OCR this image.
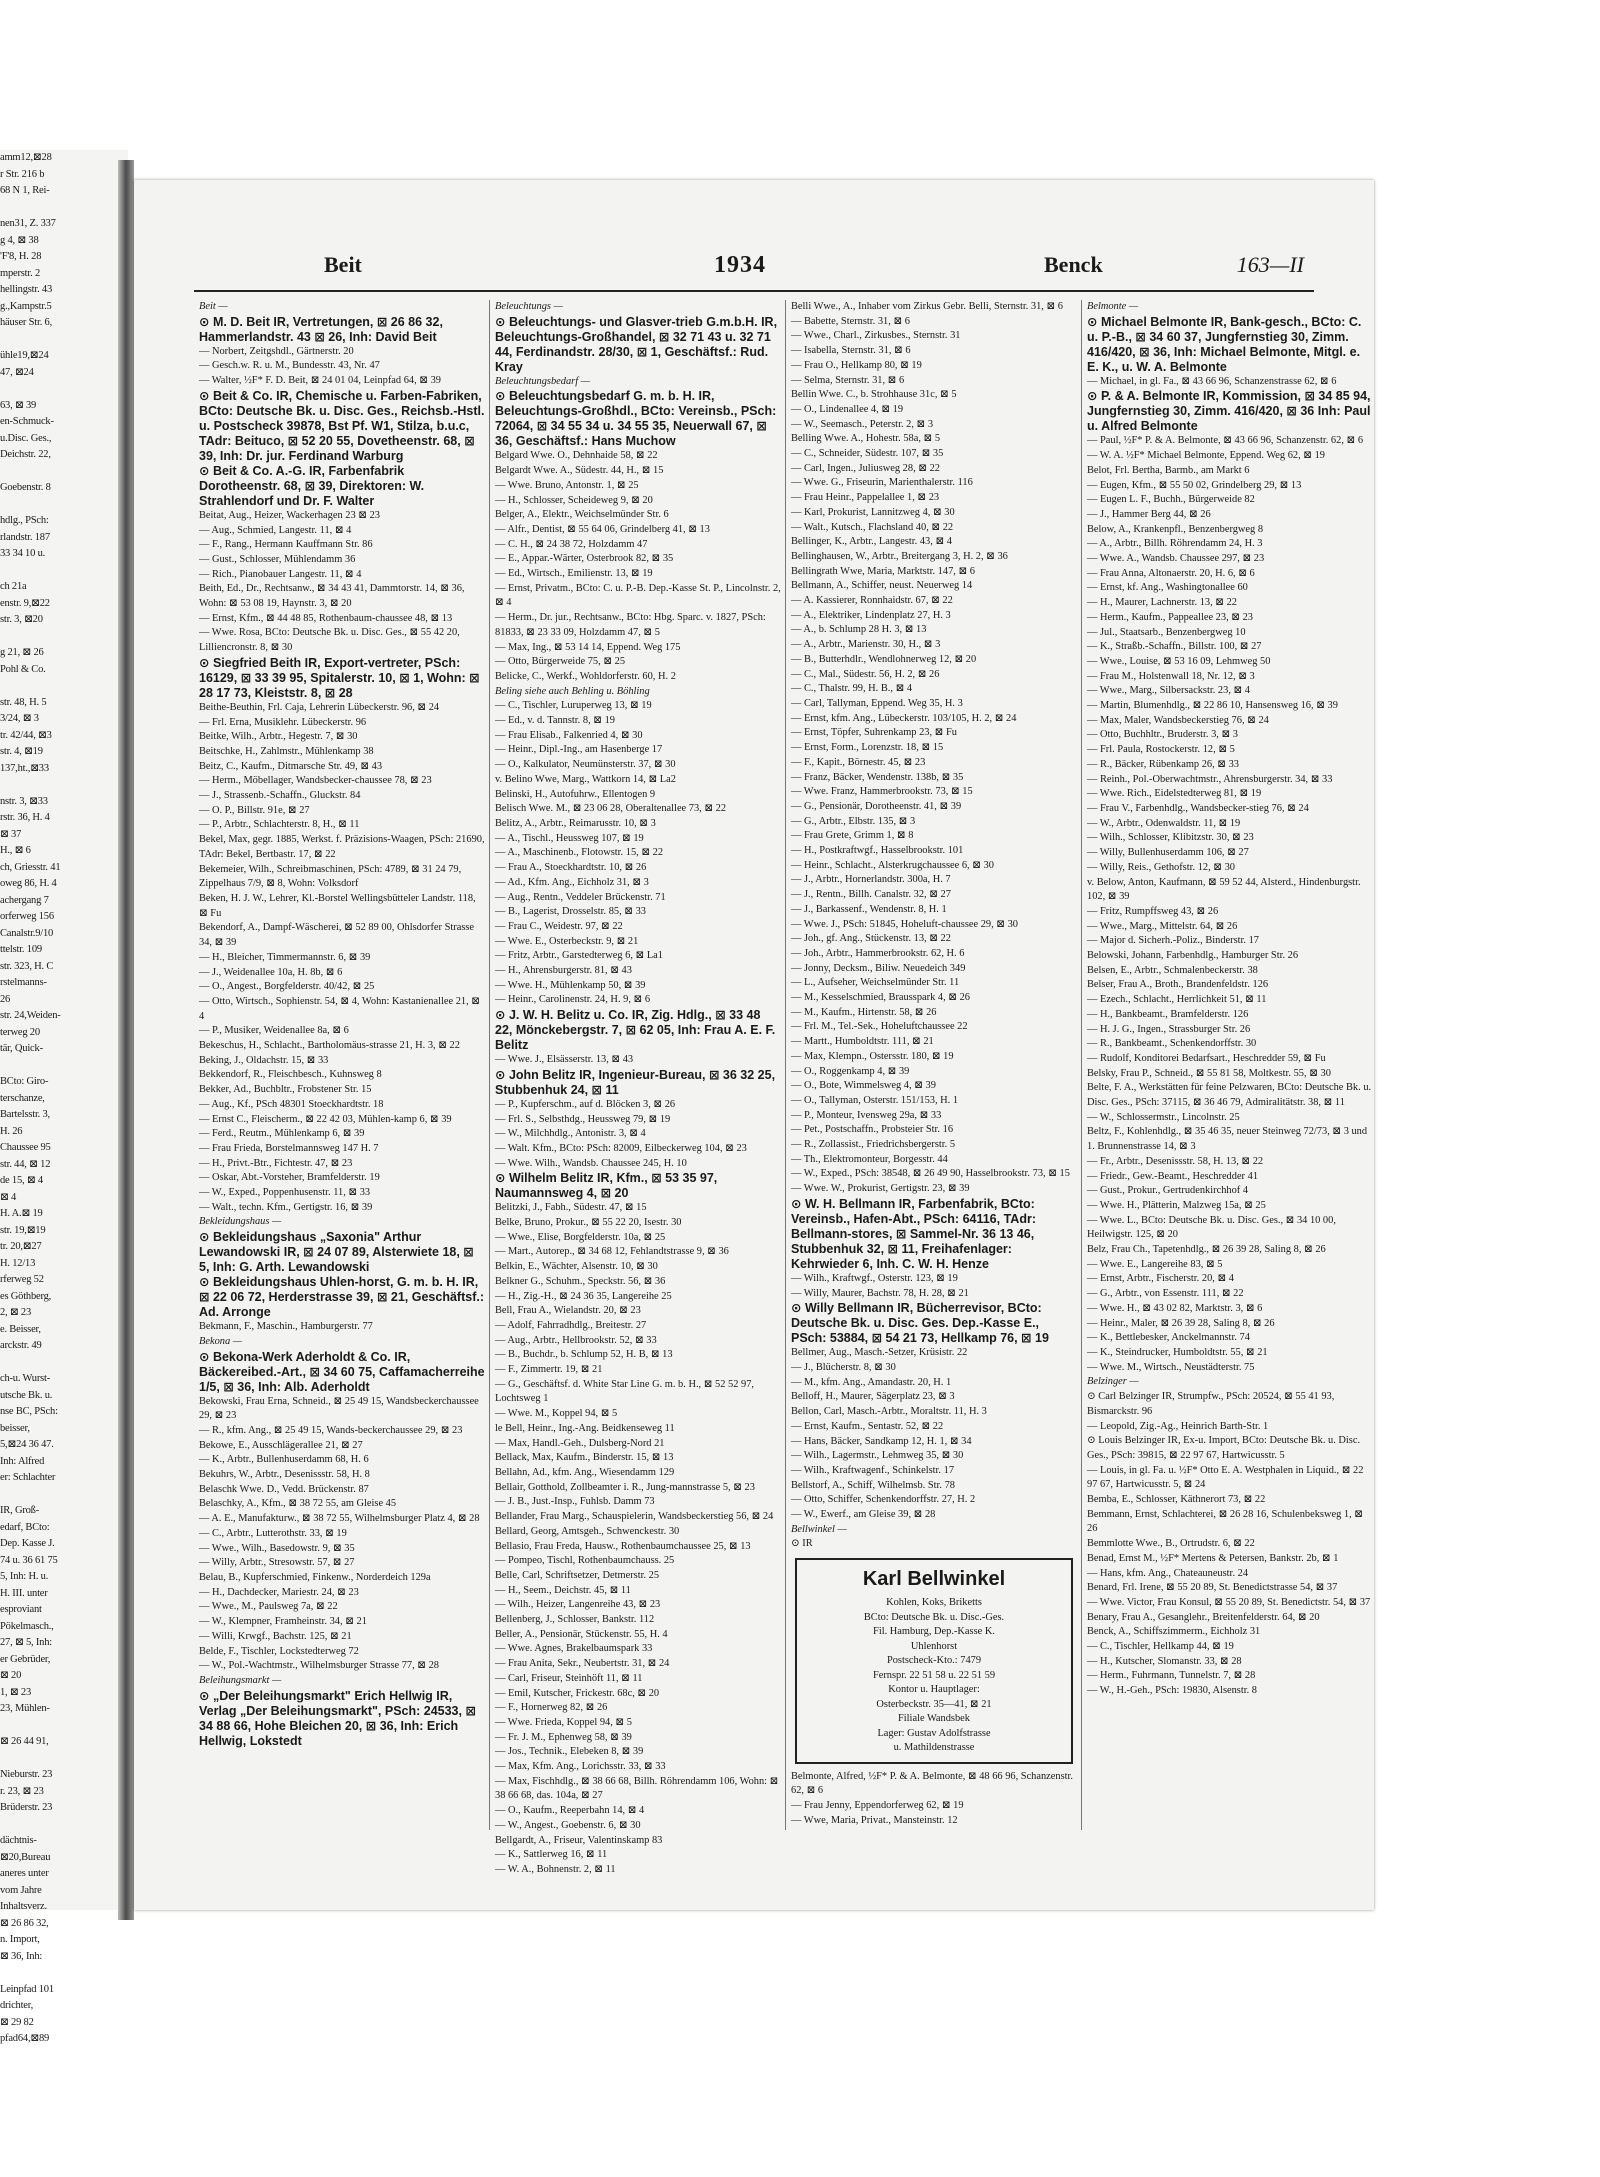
amm12,⊠28
r Str. 216 b
68 N 1, Rei-

nen31, Z. 337
g 4, ⊠ 38
'F'8, H. 28
mperstr. 2
hellingstr. 43
g.,Kampstr.5
häuser Str. 6,

ühle19,⊠24
47, ⊠24

63, ⊠ 39
en-Schmuck-
u.Disc. Ges.,
Deichstr. 22,

Goebenstr. 8

hdlg., PSch:
rlandstr. 187
33 34 10 u.

ch 21a
enstr. 9,⊠22
str. 3, ⊠20

g 21, ⊠ 26
Pohl & Co.

str. 48, H. 5
3/24, ⊠ 3
tr. 42/44, ⊠3
str. 4, ⊠19
137,ht.,⊠33

nstr. 3, ⊠33
rstr. 36, H. 4
⊠ 37
H., ⊠ 6
ch, Griesstr. 41
oweg 86, H. 4
achergang 7
orferweg 156
Canalstr.9/10
ttelstr. 109
str. 323, H. C
rstelmanns-
26
str. 24,Weiden-
terweg 20
tär, Quick-

BCto: Giro-
terschanze,
Bartelsstr. 3,
H. 26
Chaussee 95
str. 44, ⊠ 12
de 15, ⊠ 4
⊠ 4
H. A.⊠ 19
str. 19,⊠19
tr. 20,⊠27
H. 12/13
rferweg 52
es Göthberg,
2, ⊠ 23
e. Beisser,
arckstr. 49

ch-u. Wurst-
utsche Bk. u.
nse BC, PSch:
beisser,
5,⊠24 36 47.
Inh: Alfred
er: Schlachter

IR, Groß-
edarf, BCto:
Dep. Kasse J.
74 u. 36 61 75
5, Inh: H. u.
H. III. unter
esproviant
Pökelmasch.,
27, ⊠ 5, Inh:
er Gebrüder,
⊠ 20
1, ⊠ 23
23, Mühlen-

⊠ 26 44 91,

Nieburstr. 23
r. 23, ⊠ 23
Brüderstr. 23

dächtnis-
⊠20,Bureau
aneres unter
vom Jahre
Inhaltsverz.
⊠ 26 86 32,
n. Import,
⊠ 36, Inh:

Leinpfad 101
drichter,
⊠ 29 82
pfad64,⊠89
Beit	1934	Benck	163—II
Beit —
⊙ M. D. Beit IR, Vertretungen, ⊠ 26 86 32, Hammerlandstr. 43 ⊠ 26, Inh: David Beit
— Norbert, Zeitgshdl., Gärtnerstr. 20
— Gesch.w. R. u. M., Bundesstr. 43, Nr. 47
— Walter, ½F* F. D. Beit, ⊠ 24 01 04, Leinpfad 64, ⊠ 39
⊙ Beit & Co. IR, Chemische u. Farben-Fabriken, BCto: Deutsche Bk. u. Disc. Ges., Reichsb.-Hstl. u. Postscheck 39878, Bst Pf. W1, Stilza, b.u.c, TAdr: Beituco, ⊠ 52 20 55, Dovetheenstr. 68, ⊠ 39, Inh: Dr. jur. Ferdinand Warburg
⊙ Beit & Co. A.-G. IR, Farbenfabrik Dorotheenstr. 68, ⊠ 39, Direktoren: W. Strahlendorf und Dr. F. Walter
Beitat, Aug., Heizer, Wackerhagen 23 ⊠ 23
— Aug., Schmied, Langestr. 11, ⊠ 4
— F., Rang., Hermann Kauffmann Str. 86
— Gust., Schlosser, Mühlendamm 36
— Rich., Pianobauer Langestr. 11, ⊠ 4
Beith, Ed., Dr., Rechtsanw., ⊠ 34 43 41, Dammtorstr. 14, ⊠ 36, Wohn: ⊠ 53 08 19, Haynstr. 3, ⊠ 20
— Ernst, Kfm., ⊠ 44 48 85, Rothenbaum-chaussee 48, ⊠ 13
— Wwe. Rosa, BCto: Deutsche Bk. u. Disc. Ges., ⊠ 55 42 20, Lilliencronstr. 8, ⊠ 30
⊙ Siegfried Beith IR, Export-vertreter, PSch: 16129, ⊠ 33 39 95, Spitalerstr. 10, ⊠ 1, Wohn: ⊠ 28 17 73, Kleiststr. 8, ⊠ 28
Beithe-Beuthin, Frl. Caja, Lehrerin Lübeckerstr. 96, ⊠ 24
— Frl. Erna, Musiklehr. Lübeckerstr. 96
Beitke, Wilh., Arbtr., Hegestr. 7, ⊠ 30
Beitschke, H., Zahlmstr., Mühlenkamp 38
Beitz, C., Kaufm., Ditmarsche Str. 49, ⊠ 43
— Herm., Möbellager, Wandsbecker-chaussee 78, ⊠ 23
— J., Strassenb.-Schaffn., Gluckstr. 84
— O. P., Billstr. 91e, ⊠ 27
— P., Arbtr., Schlachterstr. 8, H., ⊠ 11
Bekel, Max, gegr. 1885, Werkst. f. Präzisions-Waagen, PSch: 21690, TAdr: Bekel, Bertbastr. 17, ⊠ 22
Bekemeier, Wilh., Schreibmaschinen, PSch: 4789, ⊠ 31 24 79, Zippelhaus 7/9, ⊠ 8, Wohn: Volksdorf
Beken, H. J. W., Lehrer, Kl.-Borstel Wellingsbütteler Landstr. 118, ⊠ Fu
Bekendorf, A., Dampf-Wäscherei, ⊠ 52 89 00, Ohlsdorfer Strasse 34, ⊠ 39
— H., Bleicher, Timmermannstr. 6, ⊠ 39
— J., Weidenallee 10a, H. 8b, ⊠ 6
— O., Angest., Borgfelderstr. 40/42, ⊠ 25
— Otto, Wirtsch., Sophienstr. 54, ⊠ 4, Wohn: Kastanienallee 21, ⊠ 4
— P., Musiker, Weidenallee 8a, ⊠ 6
Bekeschus, H., Schlacht., Bartholomäus-strasse 21, H. 3, ⊠ 22
Beking, J., Oldachstr. 15, ⊠ 33
Bekkendorf, R., Fleischbesch., Kuhnsweg 8
Bekker, Ad., Buchbltr., Frobstener Str. 15
— Aug., Kf., PSch 48301 Stoeckhardtstr. 18
— Ernst C., Fleischerm., ⊠ 22 42 03, Mühlen-kamp 6, ⊠ 39
— Ferd., Reutm., Mühlenkamp 6, ⊠ 39
— Frau Frieda, Borstelmannsweg 147 H. 7
— H., Privt.-Btr., Fichtestr. 47, ⊠ 23
— Oskar, Abt.-Vorsteher, Bramfelderstr. 19
— W., Exped., Poppenhusenstr. 11, ⊠ 33
— Walt., techn. Kfm., Gertigstr. 16, ⊠ 39
Bekleidungshaus —
⊙ Bekleidungshaus „Saxonia" Arthur Lewandowski IR, ⊠ 24 07 89, Alsterwiete 18, ⊠ 5, Inh: G. Arth. Lewandowski
⊙ Bekleidungshaus Uhlen-horst, G. m. b. H. IR, ⊠ 22 06 72, Herderstrasse 39, ⊠ 21, Geschäftsf.: Ad. Arronge
Bekmann, F., Maschin., Hamburgerstr. 77
Bekona —
⊙ Bekona-Werk Aderholdt & Co. IR, Bäckereibed.-Art., ⊠ 34 60 75, Caffamacherreihe 1/5, ⊠ 36, Inh: Alb. Aderholdt
Bekowski, Frau Erna, Schneid., ⊠ 25 49 15, Wandsbeckerchaussee 29, ⊠ 23
— R., kfm. Ang., ⊠ 25 49 15, Wands-beckerchaussee 29, ⊠ 23
Bekowe, E., Ausschlägerallee 21, ⊠ 27
— K., Arbtr., Bullenhuserdamm 68, H. 6
Bekuhrs, W., Arbtr., Desenissstr. 58, H. 8
Belaschk Wwe. D., Vedd. Brückenstr. 87
Belaschky, A., Kfm., ⊠ 38 72 55, am Gleise 45
— A. E., Manufakturw., ⊠ 38 72 55, Wilhelmsburger Platz 4, ⊠ 28
— C., Arbtr., Lutterothstr. 33, ⊠ 19
— Wwe., Wilh., Basedowstr. 9, ⊠ 35
— Willy, Arbtr., Stresowstr. 57, ⊠ 27
Belau, B., Kupferschmied, Finkenw., Norderdeich 129a
— H., Dachdecker, Mariestr. 24, ⊠ 23
— Wwe., M., Paulsweg 7a, ⊠ 22
— W., Klempner, Framheinstr. 34, ⊠ 21
— Willi, Krwgf., Bachstr. 125, ⊠ 21
Belde, F., Tischler, Lockstedterweg 72
— W., Pol.-Wachtmstr., Wilhelmsburger Strasse 77, ⊠ 28
Beleihungsmarkt —
⊙ „Der Beleihungsmarkt" Erich Hellwig IR, Verlag „Der Beleihungsmarkt", PSch: 24533, ⊠ 34 88 66, Hohe Bleichen 20, ⊠ 36, Inh: Erich Hellwig, Lokstedt
Beleuchtungs —
⊙ Beleuchtungs- und Glasver-trieb G.m.b.H. IR, Beleuchtungs-Großhandel, ⊠ 32 71 43 u. 32 71 44, Ferdinandstr. 28/30, ⊠ 1, Geschäftsf.: Rud. Kray
Beleuchtungsbedarf —
⊙ Beleuchtungsbedarf G. m. b. H. IR, Beleuchtungs-Großhdl., BCto: Vereinsb., PSch: 72064, ⊠ 34 55 34 u. 34 55 35, Neuerwall 67, ⊠ 36, Geschäftsf.: Hans Muchow
Belgard Wwe. O., Dehnhaide 58, ⊠ 22
Belgardt Wwe. A., Südestr. 44, H., ⊠ 15
— Wwe. Bruno, Antonstr. 1, ⊠ 25
— H., Schlosser, Scheideweg 9, ⊠ 20
Belger, A., Elektr., Weichselmünder Str. 6
— Alfr., Dentist, ⊠ 55 64 06, Grindelberg 41, ⊠ 13
— C. H., ⊠ 24 38 72, Holzdamm 47
— E., Appar.-Wärter, Osterbrook 82, ⊠ 35
— Ed., Wirtsch., Emilienstr. 13, ⊠ 19
— Ernst, Privatm., BCto: C. u. P.-B. Dep.-Kasse St. P., Lincolnstr. 2, ⊠ 4
— Herm., Dr. jur., Rechtsanw., BCto: Hbg. Sparc. v. 1827, PSch: 81833, ⊠ 23 33 09, Holzdamm 47, ⊠ 5
— Max, Ing., ⊠ 53 14 14, Eppend. Weg 175
— Otto, Bürgerweide 75, ⊠ 25
Belicke, C., Werkf., Wohldorferstr. 60, H. 2
Beling siehe auch Behling u. Böhling
— C., Tischler, Luruperweg 13, ⊠ 19
— Ed., v. d. Tannstr. 8, ⊠ 19
— Frau Elisab., Falkenried 4, ⊠ 30
— Heinr., Dipl.-Ing., am Hasenberge 17
— O., Kalkulator, Neumünsterstr. 37, ⊠ 30
v. Belino Wwe, Marg., Wattkorn 14, ⊠ La2
Belinski, H., Autofuhrw., Ellentogen 9
Belisch Wwe. M., ⊠ 23 06 28, Oberaltenallee 73, ⊠ 22
Belitz, A., Arbtr., Reimarusstr. 10, ⊠ 3
— A., Tischl., Heussweg 107, ⊠ 19
— A., Maschinenb., Flotowstr. 15, ⊠ 22
— Frau A., Stoeckhardtstr. 10, ⊠ 26
— Ad., Kfm. Ang., Eichholz 31, ⊠ 3
— Aug., Rentn., Veddeler Brückenstr. 71
— B., Lagerist, Drosselstr. 85, ⊠ 33
— Frau C., Weidestr. 97, ⊠ 22
— Wwe. E., Osterbeckstr. 9, ⊠ 21
— Fritz, Arbtr., Garstedterweg 6, ⊠ La1
— H., Ahrensburgerstr. 81, ⊠ 43
— Wwe. H., Mühlenkamp 50, ⊠ 39
— Heinr., Carolinenstr. 24, H. 9, ⊠ 6
⊙ J. W. H. Belitz u. Co. IR, Zig. Hdlg., ⊠ 33 48 22, Mönckebergstr. 7, ⊠ 62 05, Inh: Frau A. E. F. Belitz
— Wwe. J., Elsässerstr. 13, ⊠ 43
⊙ John Belitz IR, Ingenieur-Bureau, ⊠ 36 32 25, Stubbenhuk 24, ⊠ 11
— P., Kupferschm., auf d. Blöcken 3, ⊠ 26
— Frl. S., Selbsthdg., Heussweg 79, ⊠ 19
— W., Milchhdlg., Antonistr. 3, ⊠ 4
— Walt. Kfm., BCto: PSch: 82009, Eilbeckerweg 104, ⊠ 23
— Wwe. Wilh., Wandsb. Chaussee 245, H. 10
⊙ Wilhelm Belitz IR, Kfm., ⊠ 53 35 97, Naumannsweg 4, ⊠ 20
Belitzki, J., Fabh., Südestr. 47, ⊠ 15
Belke, Bruno, Prokur., ⊠ 55 22 20, Isestr. 30
— Wwe., Elise, Borgfelderstr. 10a, ⊠ 25
— Mart., Autorep., ⊠ 34 68 12, Fehlandtstrasse 9, ⊠ 36
Belkin, E., Wächter, Alsenstr. 10, ⊠ 30
Belkner G., Schuhm., Speckstr. 56, ⊠ 36
— H., Zig.-H., ⊠ 24 36 35, Langereihe 25
Bell, Frau A., Wielandstr. 20, ⊠ 23
— Adolf, Fahrradhdlg., Breitestr. 27
— Aug., Arbtr., Hellbrookstr. 52, ⊠ 33
— B., Buchdr., b. Schlump 52, H. B, ⊠ 13
— F., Zimmertr. 19, ⊠ 21
— G., Geschäftsf. d. White Star Line G. m. b. H., ⊠ 52 52 97, Lochtsweg 1
— Wwe. M., Koppel 94, ⊠ 5
le Bell, Heinr., Ing.-Ang. Beidkenseweg 11
— Max, Handl.-Geh., Dulsberg-Nord 21
Bellack, Max, Kaufm., Binderstr. 15, ⊠ 13
Bellahn, Ad., kfm. Ang., Wiesendamm 129
Bellair, Gotthold, Zollbeamter i. R., Jung-mannstrasse 5, ⊠ 23
— J. B., Just.-Insp., Fuhlsb. Damm 73
Bellander, Frau Marg., Schauspielerin, Wandsbeckerstieg 56, ⊠ 24
Bellard, Georg, Amtsgeh., Schwenckestr. 30
Bellasio, Frau Freda, Hausw., Rothenbaumchaussee 25, ⊠ 13
— Pompeo, Tischl, Rothenbaumchauss. 25
Belle, Carl, Schriftsetzer, Detmerstr. 25
— H., Seem., Deichstr. 45, ⊠ 11
— Wilh., Heizer, Langenreihe 43, ⊠ 23
Bellenberg, J., Schlosser, Bankstr. 112
Beller, A., Pensionär, Stückenstr. 55, H. 4
— Wwe. Agnes, Brakelbaumspark 33
— Frau Anita, Sekr., Neubertstr. 31, ⊠ 24
— Carl, Friseur, Steinhöft 11, ⊠ 11
— Emil, Kutscher, Frickestr. 68c, ⊠ 20
— F., Hornerweg 82, ⊠ 26
— Wwe. Frieda, Koppel 94, ⊠ 5
— Fr. J. M., Ephenweg 58, ⊠ 39
— Jos., Technik., Elebeken 8, ⊠ 39
— Max, Kfm. Ang., Lorichsstr. 33, ⊠ 33
— Max, Fischhdlg., ⊠ 38 66 68, Billh. Röhrendamm 106, Wohn: ⊠ 38 66 68, das. 104a, ⊠ 27
— O., Kaufm., Reeperbahn 14, ⊠ 4
— W., Angest., Goebenstr. 6, ⊠ 30
Bellgardt, A., Friseur, Valentinskamp 83
— K., Sattlerweg 16, ⊠ 11
— W. A., Bohnenstr. 2, ⊠ 11
Belli Wwe., A., Inhaber vom Zirkus Gebr. Belli, Sternstr. 31, ⊠ 6
— Babette, Sternstr. 31, ⊠ 6
— Wwe., Charl., Zirkusbes., Sternstr. 31
— Isabella, Sternstr. 31, ⊠ 6
— Frau O., Hellkamp 80, ⊠ 19
— Selma, Sternstr. 31, ⊠ 6
Bellin Wwe. C., b. Strohhause 31c, ⊠ 5
— O., Lindenallee 4, ⊠ 19
— W., Seemasch., Peterstr. 2, ⊠ 3
Belling Wwe. A., Hohestr. 58a, ⊠ 5
— C., Schneider, Südestr. 107, ⊠ 35
— Carl, Ingen., Juliusweg 28, ⊠ 22
— Wwe. G., Friseurin, Marienthalerstr. 116
— Frau Heinr., Pappelallee 1, ⊠ 23
— Karl, Prokurist, Lannitzweg 4, ⊠ 30
— Walt., Kutsch., Flachsland 40, ⊠ 22
Bellinger, K., Arbtr., Langestr. 43, ⊠ 4
Bellinghausen, W., Arbtr., Breitergang 3, H. 2, ⊠ 36
Bellingrath Wwe, Maria, Marktstr. 147, ⊠ 6
Bellmann, A., Schiffer, neust. Neuerweg 14
— A. Kassierer, Ronnhaidstr. 67, ⊠ 22
— A., Elektriker, Lindenplatz 27, H. 3
— A., b. Schlump 28 H. 3, ⊠ 13
— A., Arbtr., Marienstr. 30, H., ⊠ 3
— B., Butterhdlr., Wendlohnerweg 12, ⊠ 20
— C., Mal., Südestr. 56, H. 2, ⊠ 26
— C., Thalstr. 99, H. B., ⊠ 4
— Carl, Tallyman, Eppend. Weg 35, H. 3
— Ernst, kfm. Ang., Lübeckerstr. 103/105, H. 2, ⊠ 24
— Ernst, Töpfer, Suhrenkamp 23, ⊠ Fu
— Ernst, Form., Lorenzstr. 18, ⊠ 15
— F., Kapit., Börnestr. 45, ⊠ 23
— Franz, Bäcker, Wendenstr. 138b, ⊠ 35
— Wwe. Franz, Hammerbrookstr. 73, ⊠ 15
— G., Pensionär, Dorotheenstr. 41, ⊠ 39
— G., Arbtr., Elbstr. 135, ⊠ 3
— Frau Grete, Grimm 1, ⊠ 8
— H., Postkraftwgf., Hasselbrookstr. 101
— Heinr., Schlacht., Alsterkrugchaussee 6, ⊠ 30
— J., Arbtr., Hornerlandstr. 300a, H. 7
— J., Rentn., Billh. Canalstr. 32, ⊠ 27
— J., Barkassenf., Wendenstr. 8, H. 1
— Wwe. J., PSch: 51845, Hoheluft-chaussee 29, ⊠ 30
— Joh., gf. Ang., Stückenstr. 13, ⊠ 22
— Joh., Arbtr., Hammerbrookstr. 62, H. 6
— Jonny, Decksm., Biliw. Neuedeich 349
— L., Aufseher, Weichselmünder Str. 11
— M., Kesselschmied, Brausspark 4, ⊠ 26
— M., Kaufm., Hirtenstr. 58, ⊠ 26
— Frl. M., Tel.-Sek., Hoheluftchaussee 22
— Martt., Humboldtstr. 111, ⊠ 21
— Max, Klempn., Ostersstr. 180, ⊠ 19
— O., Roggenkamp 4, ⊠ 39
— O., Bote, Wimmelsweg 4, ⊠ 39
— O., Tallyman, Osterstr. 151/153, H. 1
— P., Monteur, Ivensweg 29a, ⊠ 33
— Pet., Postschaffn., Probsteier Str. 16
— R., Zollassist., Friedrichsbergerstr. 5
— Th., Elektromonteur, Borgesstr. 44
— W., Exped., PSch: 38548, ⊠ 26 49 90, Hasselbrookstr. 73, ⊠ 15
— Wwe. W., Prokurist, Gertigstr. 23, ⊠ 39
⊙ W. H. Bellmann IR, Farbenfabrik, BCto: Vereinsb., Hafen-Abt., PSch: 64116, TAdr: Bellmann-stores, ⊠ Sammel-Nr. 36 13 46, Stubbenhuk 32, ⊠ 11, Freihafenlager: Kehrwieder 6, Inh. C. W. H. Henze
— Wilh., Kraftwgf., Osterstr. 123, ⊠ 19
— Willy, Maurer, Bachstr. 78, H. 28, ⊠ 21
⊙ Willy Bellmann IR, Bücherrevisor, BCto: Deutsche Bk. u. Disc. Ges. Dep.-Kasse E., PSch: 53884, ⊠ 54 21 73, Hellkamp 76, ⊠ 19
Bellmer, Aug., Masch.-Setzer, Krüsistr. 22
— J., Blücherstr. 8, ⊠ 30
— M., kfm. Ang., Amandastr. 20, H. 1
Belloff, H., Maurer, Sägerplatz 23, ⊠ 3
Bellon, Carl, Masch.-Arbtr., Moraltstr. 11, H. 3
— Ernst, Kaufm., Sentastr. 52, ⊠ 22
— Hans, Bäcker, Sandkamp 12, H. 1, ⊠ 34
— Wilh., Lagermstr., Lehmweg 35, ⊠ 30
— Wilh., Kraftwagenf., Schinkelstr. 17
Bellstorf, A., Schiff, Wilhelmsb. Str. 78
— Otto, Schiffer, Schenkendorffstr. 27, H. 2
— W., Ewerf., am Gleise 39, ⊠ 28
Bellwinkel —
⊙ IR
Karl Bellwinkel
Kohlen, Koks, Briketts
BCto: Deutsche Bk. u. Disc.-Ges.
Fil. Hamburg, Dep.-Kasse K.
Uhlenhorst
Postscheck-Kto.: 7479
Fernspr. 22 51 58 u. 22 51 59
Kontor u. Hauptlager:
Osterbeckstr. 35—41, ⊠ 21
Filiale Wandsbek
Lager: Gustav Adolfstrasse
u. Mathildenstrasse
Belmonte, Alfred, ½F* P. & A. Belmonte, ⊠ 48 66 96, Schanzenstr. 62, ⊠ 6
— Frau Jenny, Eppendorferweg 62, ⊠ 19
— Wwe, Maria, Privat., Mansteinstr. 12
Belmonte —
⊙ Michael Belmonte IR, Bank-gesch., BCto: C. u. P.-B., ⊠ 34 60 37, Jungfernstieg 30, Zimm. 416/420, ⊠ 36, Inh: Michael Belmonte, Mitgl. e. E. K., u. W. A. Belmonte
— Michael, in gl. Fa., ⊠ 43 66 96, Schanzenstrasse 62, ⊠ 6
⊙ P. & A. Belmonte IR, Kommission, ⊠ 34 85 94, Jungfernstieg 30, Zimm. 416/420, ⊠ 36 Inh: Paul u. Alfred Belmonte
— Paul, ½F* P. & A. Belmonte, ⊠ 43 66 96, Schanzenstr. 62, ⊠ 6
— W. A. ½F* Michael Belmonte, Eppend. Weg 62, ⊠ 19
Belot, Frl. Bertha, Barmb., am Markt 6
— Eugen, Kfm., ⊠ 55 50 02, Grindelberg 29, ⊠ 13
— Eugen L. F., Buchh., Bürgerweide 82
— J., Hammer Berg 44, ⊠ 26
Below, A., Krankenpfl., Benzenbergweg 8
— A., Arbtr., Billh. Röhrendamm 24, H. 3
— Wwe. A., Wandsb. Chaussee 297, ⊠ 23
— Frau Anna, Altonaerstr. 20, H. 6, ⊠ 6
— Ernst, kf. Ang., Washingtonallee 60
— H., Maurer, Lachnerstr. 13, ⊠ 22
— Herm., Kaufm., Pappeallee 23, ⊠ 23
— Jul., Staatsarb., Benzenbergweg 10
— K., Straßb.-Schaffn., Billstr. 100, ⊠ 27
— Wwe., Louise, ⊠ 53 16 09, Lehmweg 50
— Frau M., Holstenwall 18, Nr. 12, ⊠ 3
— Wwe., Marg., Silbersackstr. 23, ⊠ 4
— Martin, Blumenhdlg., ⊠ 22 86 10, Hansensweg 16, ⊠ 39
— Max, Maler, Wandsbeckerstieg 76, ⊠ 24
— Otto, Buchhltr., Bruderstr. 3, ⊠ 3
— Frl. Paula, Rostockerstr. 12, ⊠ 5
— R., Bäcker, Rübenkamp 26, ⊠ 33
— Reinh., Pol.-Oberwachtmstr., Ahrensburgerstr. 34, ⊠ 33
— Wwe. Rich., Eidelstedterweg 81, ⊠ 19
— Frau V., Farbenhdlg., Wandsbecker-stieg 76, ⊠ 24
— W., Arbtr., Odenwaldstr. 11, ⊠ 19
— Wilh., Schlosser, Klibitzstr. 30, ⊠ 23
— Willy, Bullenhuserdamm 106, ⊠ 27
— Willy, Reis., Gethofstr. 12, ⊠ 30
v. Below, Anton, Kaufmann, ⊠ 59 52 44, Alsterd., Hindenburgstr. 102, ⊠ 39
— Fritz, Rumpffsweg 43, ⊠ 26
— Wwe., Marg., Mittelstr. 64, ⊠ 26
— Major d. Sicherh.-Poliz., Binderstr. 17
Belowski, Johann, Farbenhdlg., Hamburger Str. 26
Belsen, E., Arbtr., Schmalenbeckerstr. 38
Belser, Frau A., Broth., Brandenfeldstr. 126
— Ezech., Schlacht., Herrlichkeit 51, ⊠ 11
— H., Bankbeamt., Bramfelderstr. 126
— H. J. G., Ingen., Strassburger Str. 26
— R., Bankbeamt., Schenkendorffstr. 30
— Rudolf, Konditorei Bedarfsart., Heschredder 59, ⊠ Fu
Belsky, Frau P., Schneid., ⊠ 55 81 58, Moltkestr. 55, ⊠ 30
Belte, F. A., Werkstätten für feine Pelzwaren, BCto: Deutsche Bk. u. Disc. Ges., PSch: 37115, ⊠ 36 46 79, Admiralitätstr. 38, ⊠ 11
— W., Schlossermstr., Lincolnstr. 25
Beltz, F., Kohlenhdlg., ⊠ 35 46 35, neuer Steinweg 72/73, ⊠ 3 und 1. Brunnenstrasse 14, ⊠ 3
— Fr., Arbtr., Desenissstr. 58, H. 13, ⊠ 22
— Friedr., Gew.-Beamt., Heschredder 41
— Gust., Prokur., Gertrudenkirchhof 4
— Wwe. H., Plätterin, Malzweg 15a, ⊠ 25
— Wwe. L., BCto: Deutsche Bk. u. Disc. Ges., ⊠ 34 10 00, Heilwigstr. 125, ⊠ 20
Belz, Frau Ch., Tapetenhdlg., ⊠ 26 39 28, Saling 8, ⊠ 26
— Wwe. E., Langereihe 83, ⊠ 5
— Ernst, Arbtr., Fischerstr. 20, ⊠ 4
— G., Arbtr., von Essenstr. 111, ⊠ 22
— Wwe. H., ⊠ 43 02 82, Marktstr. 3, ⊠ 6
— Heinr., Maler, ⊠ 26 39 28, Saling 8, ⊠ 26
— K., Bettlebesker, Anckelmannstr. 74
— K., Steindrucker, Humboldtstr. 55, ⊠ 21
— Wwe. M., Wirtsch., Neustädterstr. 75
Belzinger —
⊙ Carl Belzinger IR, Strumpfw., PSch: 20524, ⊠ 55 41 93, Bismarckstr. 96
— Leopold, Zig.-Ag., Heinrich Barth-Str. 1
⊙ Louis Belzinger IR, Ex-u. Import, BCto: Deutsche Bk. u. Disc. Ges., PSch: 39815, ⊠ 22 97 67, Hartwicusstr. 5
— Louis, in gl. Fa. u. ½F* Otto E. A. Westphalen in Liquid., ⊠ 22 97 67, Hartwicusstr. 5, ⊠ 24
Bemba, E., Schlosser, Käthnerort 73, ⊠ 22
Bemmann, Ernst, Schlachterei, ⊠ 26 28 16, Schulenbeksweg 1, ⊠ 26
Bemmlotte Wwe., B., Ortrudstr. 6, ⊠ 22
Benad, Ernst M., ½F* Mertens & Petersen, Bankstr. 2b, ⊠ 1
— Hans, kfm. Ang., Chateauneustr. 24
Benard, Frl. Irene, ⊠ 55 20 89, St. Benedictstrasse 54, ⊠ 37
— Wwe. Victor, Frau Konsul, ⊠ 55 20 89, St. Benedictstr. 54, ⊠ 37
Benary, Frau A., Gesanglehr., Breitenfelderstr. 64, ⊠ 20
Benck, A., Schiffszimmerm., Eichholz 31
— C., Tischler, Hellkamp 44, ⊠ 19
— H., Kutscher, Slomanstr. 33, ⊠ 28
— Herm., Fuhrmann, Tunnelstr. 7, ⊠ 28
— W., H.-Geh., PSch: 19830, Alsenstr. 8
